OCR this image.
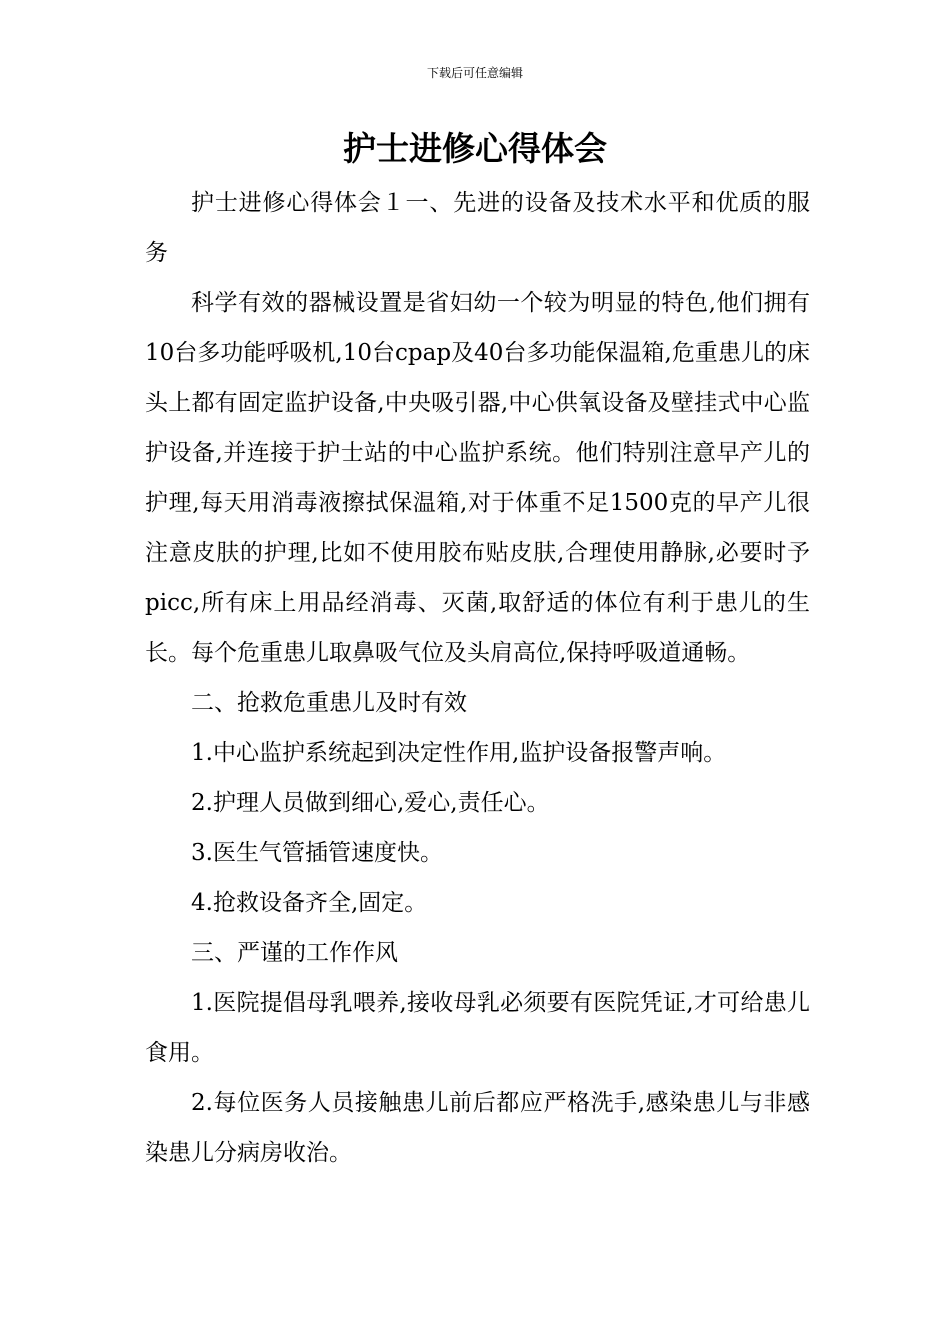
下载后可任意编辑
护士进修心得体会

护士进修心得体会１一、先进的设备及技术水平和优质的服务

科学有效的器械设置是省妇幼一个较为明显的特色,他们拥有10台多功能呼吸机,10台cpap及40台多功能保温箱,危重患儿的床头上都有固定监护设备,中央吸引器,中心供氧设备及壁挂式中心监护设备,并连接于护士站的中心监护系统。他们特别注意早产儿的护理,每天用消毒液擦拭保温箱,对于体重不足1500克的早产儿很注意皮肤的护理,比如不使用胶布贴皮肤,合理使用静脉,必要时予picc,所有床上用品经消毒、灭菌,取舒适的体位有利于患儿的生长。每个危重患儿取鼻吸气位及头肩高位,保持呼吸道通畅。

二、抢救危重患儿及时有效

1.中心监护系统起到决定性作用,监护设备报警声响。

2.护理人员做到细心,爱心,责任心。

3.医生气管插管速度快。

4.抢救设备齐全,固定。

三、严谨的工作作风

1.医院提倡母乳喂养,接收母乳必须要有医院凭证,才可给患儿食用。

2.每位医务人员接触患儿前后都应严格洗手,感染患儿与非感染患儿分病房收治。
